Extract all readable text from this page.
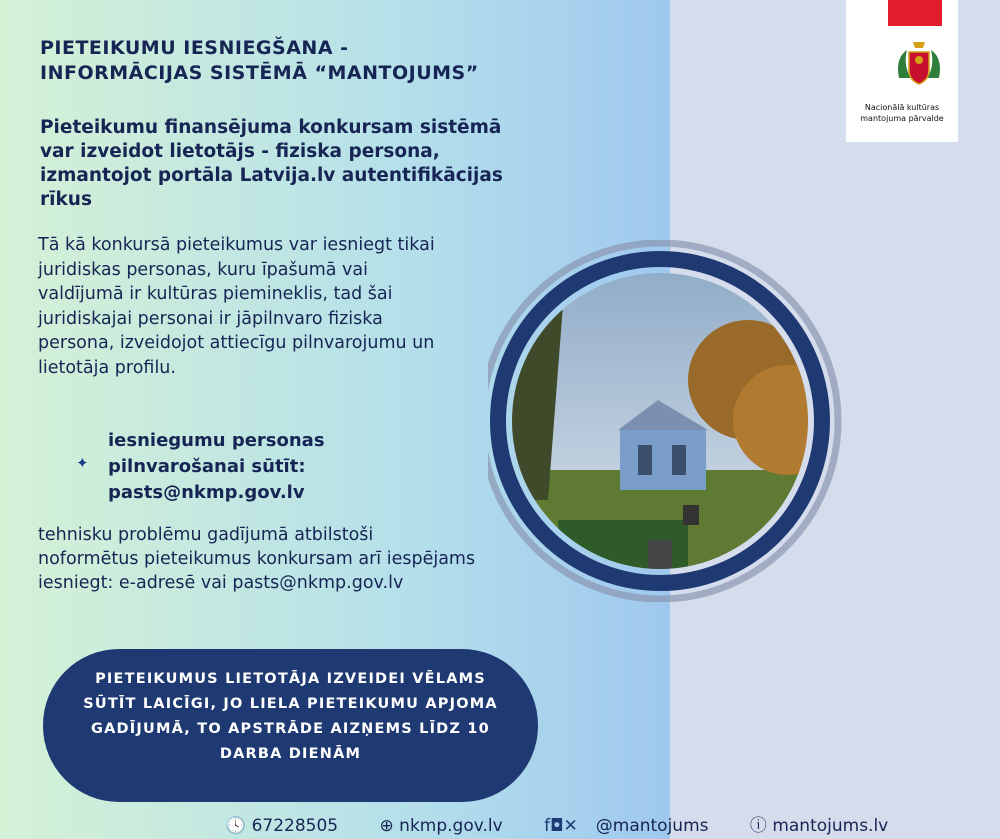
PIETEIKUMU IESNIEGŠANA -
INFORMĀCIJAS SISTĒMĀ “MANTOJUMS”
Pieteikumu finansējuma konkursam sistēmā var izveidot lietotājs - fiziska persona, izmantojot portāla Latvija.lv autentifikācijas rīkus
Tā kā konkursā pieteikumus var iesniegt tikai juridiskas personas, kuru īpašumā vai valdījumā ir kultūras piemineklis, tad šai juridiskajai personai ir jāpilnvaro fiziska persona, izveidojot attiecīgu pilnvarojumu un lietotāja profilu.
✦
iesniegumu personas pilnvarošanai sūtīt: pasts@nkmp.gov.lv
tehnisku problēmu gadījumā atbilstoši noformētus pieteikumus konkursam arī iespējams iesniegt: e-adresē vai pasts@nkmp.gov.lv
PIETEIKUMUS LIETOTĀJA IZVEIDEI VĒLAMS SŪTĪT LAICĪGI, JO LIELA PIETEIKUMU APJOMA GADĪJUMĀ, TO APSTRĀDE AIZŅEMS LĪDZ 10 DARBA DIENĀM
Nacionālā kultūras
mantojuma pārvalde
🕓 67228505 ⊕ nkmp.gov.lv f◘✕ @mantojums ⓘ mantojums.lv
